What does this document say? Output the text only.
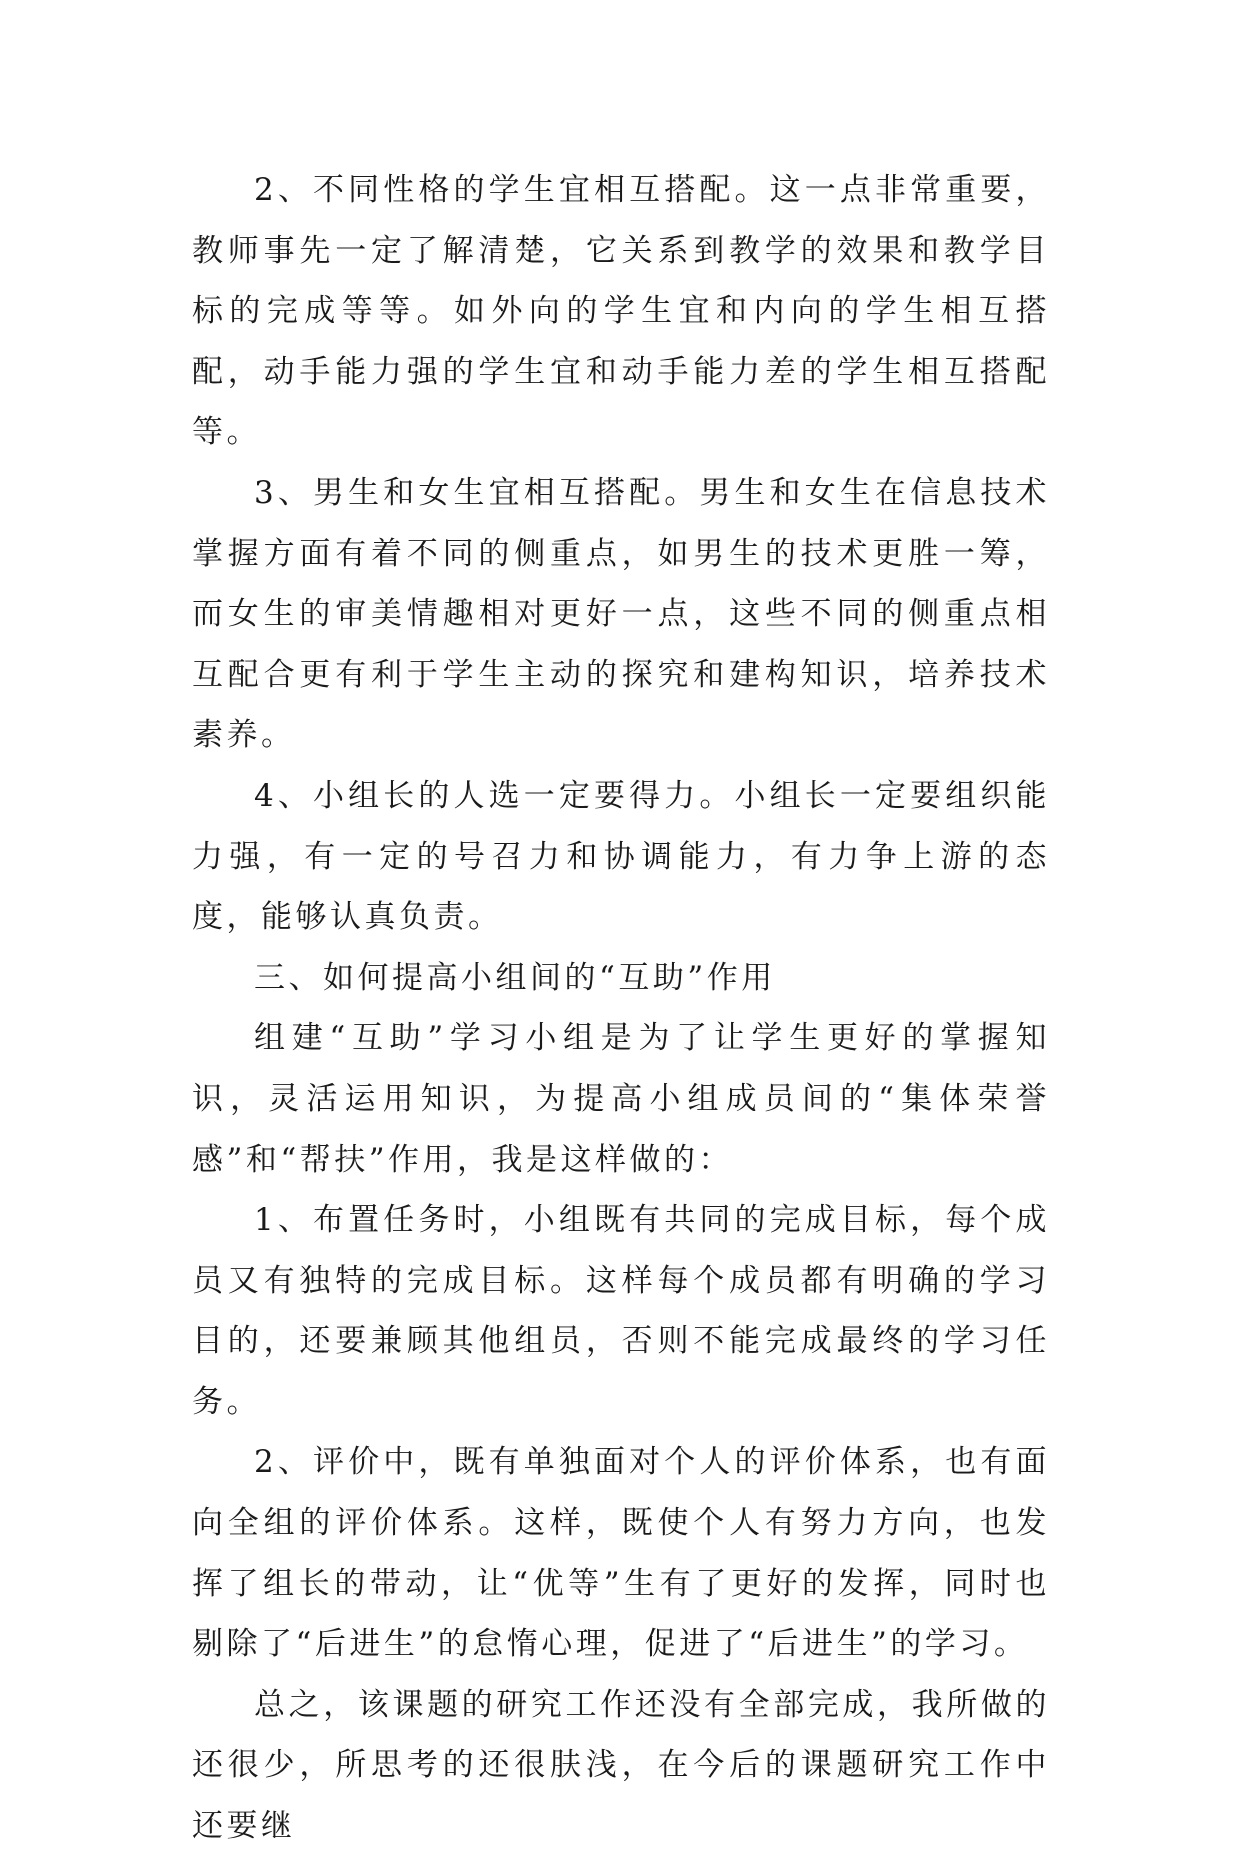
2、不同性格的学生宜相互搭配。这一点非常重要，教师事先一定了解清楚，它关系到教学的效果和教学目标的完成等等。如外向的学生宜和内向的学生相互搭配，动手能力强的学生宜和动手能力差的学生相互搭配等。

3、男生和女生宜相互搭配。男生和女生在信息技术掌握方面有着不同的侧重点，如男生的技术更胜一筹，而女生的审美情趣相对更好一点，这些不同的侧重点相互配合更有利于学生主动的探究和建构知识，培养技术素养。

4、小组长的人选一定要得力。小组长一定要组织能力强，有一定的号召力和协调能力，有力争上游的态度，能够认真负责。

三、如何提高小组间的“互助”作用

组建“互助”学习小组是为了让学生更好的掌握知识，灵活运用知识，为提高小组成员间的“集体荣誉感”和“帮扶”作用，我是这样做的：

1、布置任务时，小组既有共同的完成目标，每个成员又有独特的完成目标。这样每个成员都有明确的学习目的，还要兼顾其他组员，否则不能完成最终的学习任务。

2、评价中，既有单独面对个人的评价体系，也有面向全组的评价体系。这样，既使个人有努力方向，也发挥了组长的带动，让“优等”生有了更好的发挥，同时也剔除了“后进生”的怠惰心理，促进了“后进生”的学习。

总之，该课题的研究工作还没有全部完成，我所做的还很少，所思考的还很肤浅，在今后的课题研究工作中还要继
